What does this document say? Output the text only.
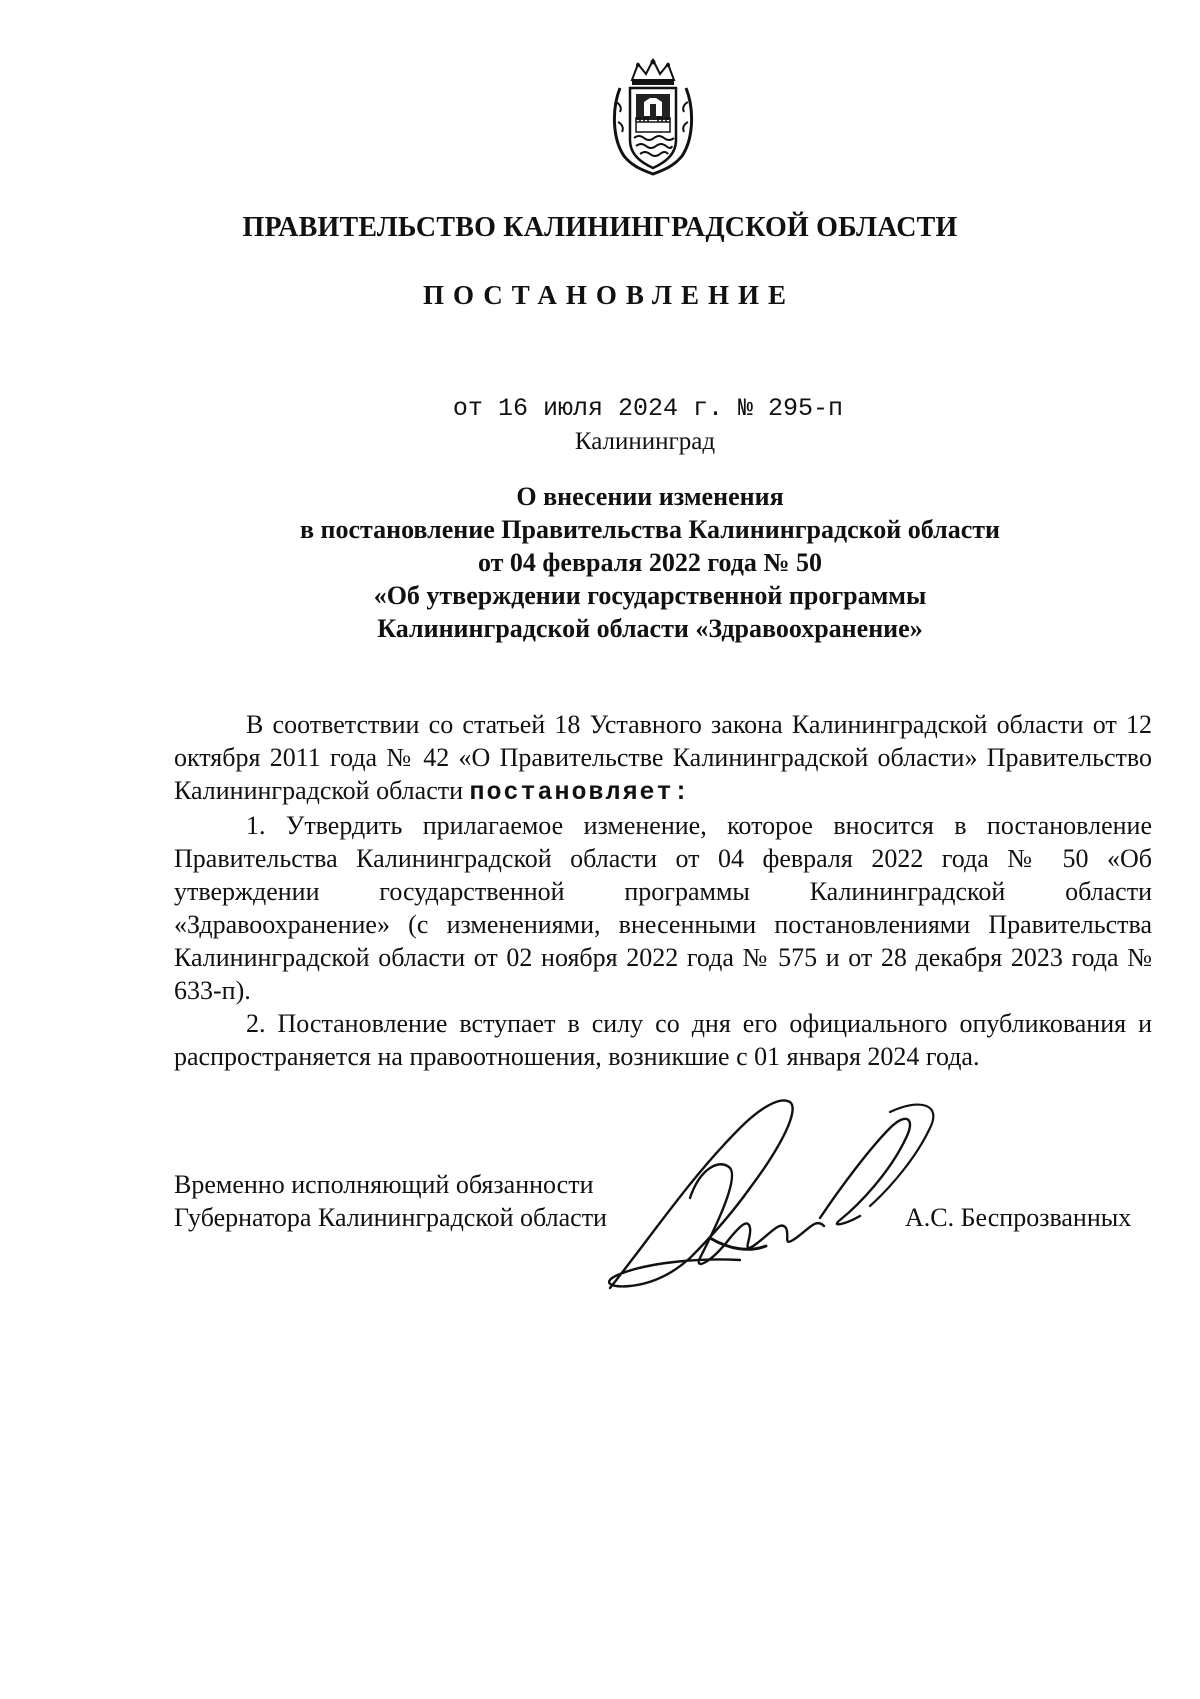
ПРАВИТЕЛЬСТВО КАЛИНИНГРАДСКОЙ ОБЛАСТИ
ПОСТАНОВЛЕНИЕ
от 16 июля 2024 г. № 295-п
Калининград
О внесении изменения
в постановление Правительства Калининградской области
от 04 февраля 2022 года № 50
«Об утверждении государственной программы
Калининградской области «Здравоохранение»

В соответствии со статьей 18 Уставного закона Калининградской области от 12 октября 2011 года № 42 «О Правительстве Калининградской области» Правительство Калининградской области постановляет:

1. Утвердить прилагаемое изменение, которое вносится в постановление Правительства Калининградской области от 04 февраля 2022 года № 50 «Об утверждении государственной программы Калининградской области «Здравоохранение» (с изменениями, внесенными постановлениями Правительства Калининградской области от 02 ноября 2022 года № 575 и от 28 декабря 2023 года № 633-п).

2. Постановление вступает в силу со дня его официального опубликования и распространяется на правоотношения, возникшие с 01 января 2024 года.

Временно исполняющий обязанности
Губернатора Калининградской области	А.С. Беспрозванных
